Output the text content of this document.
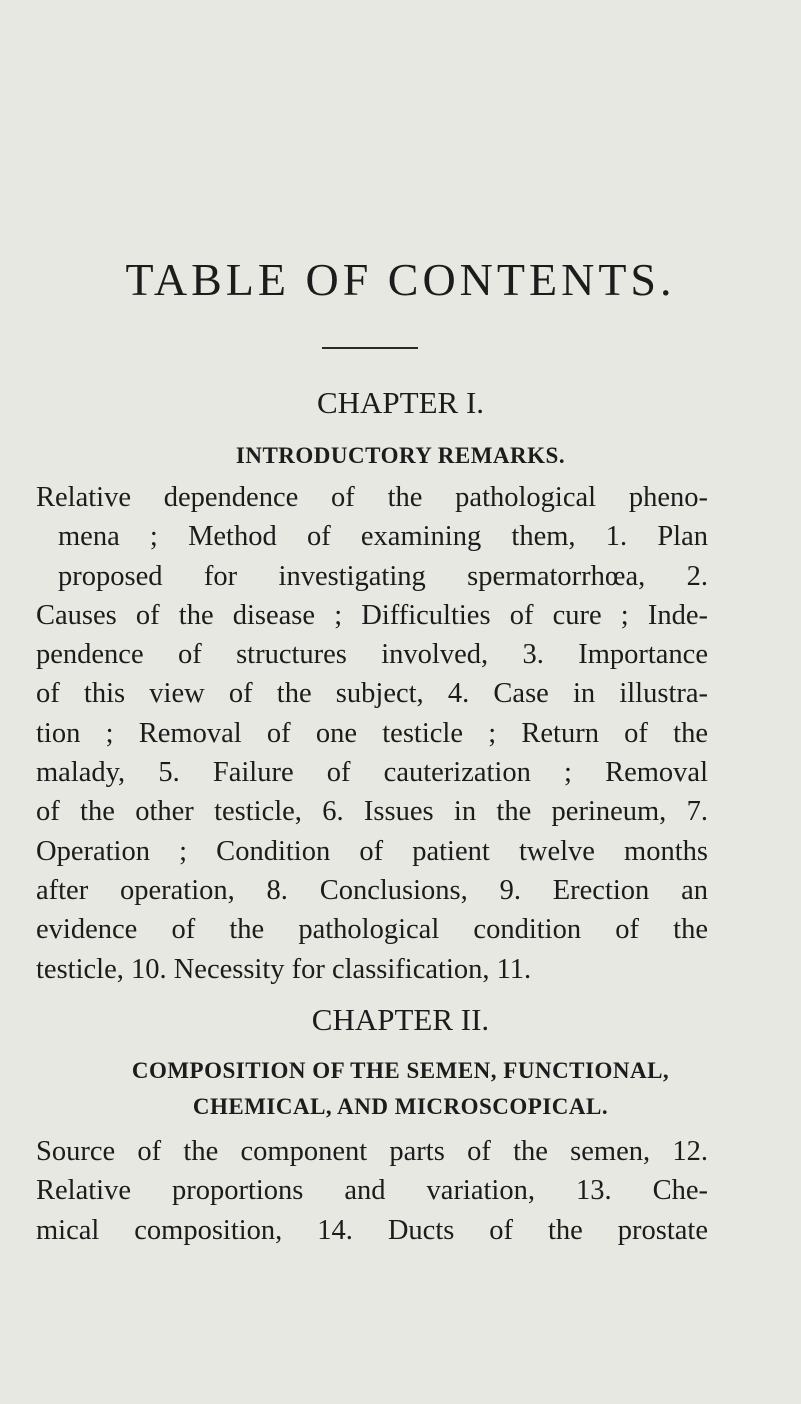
TABLE OF CONTENTS.
CHAPTER I.
INTRODUCTORY REMARKS.
Relative dependence of the pathological pheno-
mena ; Method of examining them, 1. Plan
proposed for investigating spermatorrhœa, 2.
Causes of the disease ; Difficulties of cure ; Inde-
pendence of structures involved, 3. Importance
of this view of the subject, 4. Case in illustra-
tion ; Removal of one testicle ; Return of the
malady, 5. Failure of cauterization ; Removal
of the other testicle, 6. Issues in the perineum, 7.
Operation ; Condition of patient twelve months
after operation, 8. Conclusions, 9. Erection an
evidence of the pathological condition of the
testicle, 10. Necessity for classification, 11.
CHAPTER II.
COMPOSITION OF THE SEMEN, FUNCTIONAL,
CHEMICAL, AND MICROSCOPICAL.
Source of the component parts of the semen, 12.
Relative proportions and variation, 13. Che-
mical composition, 14. Ducts of the prostate
